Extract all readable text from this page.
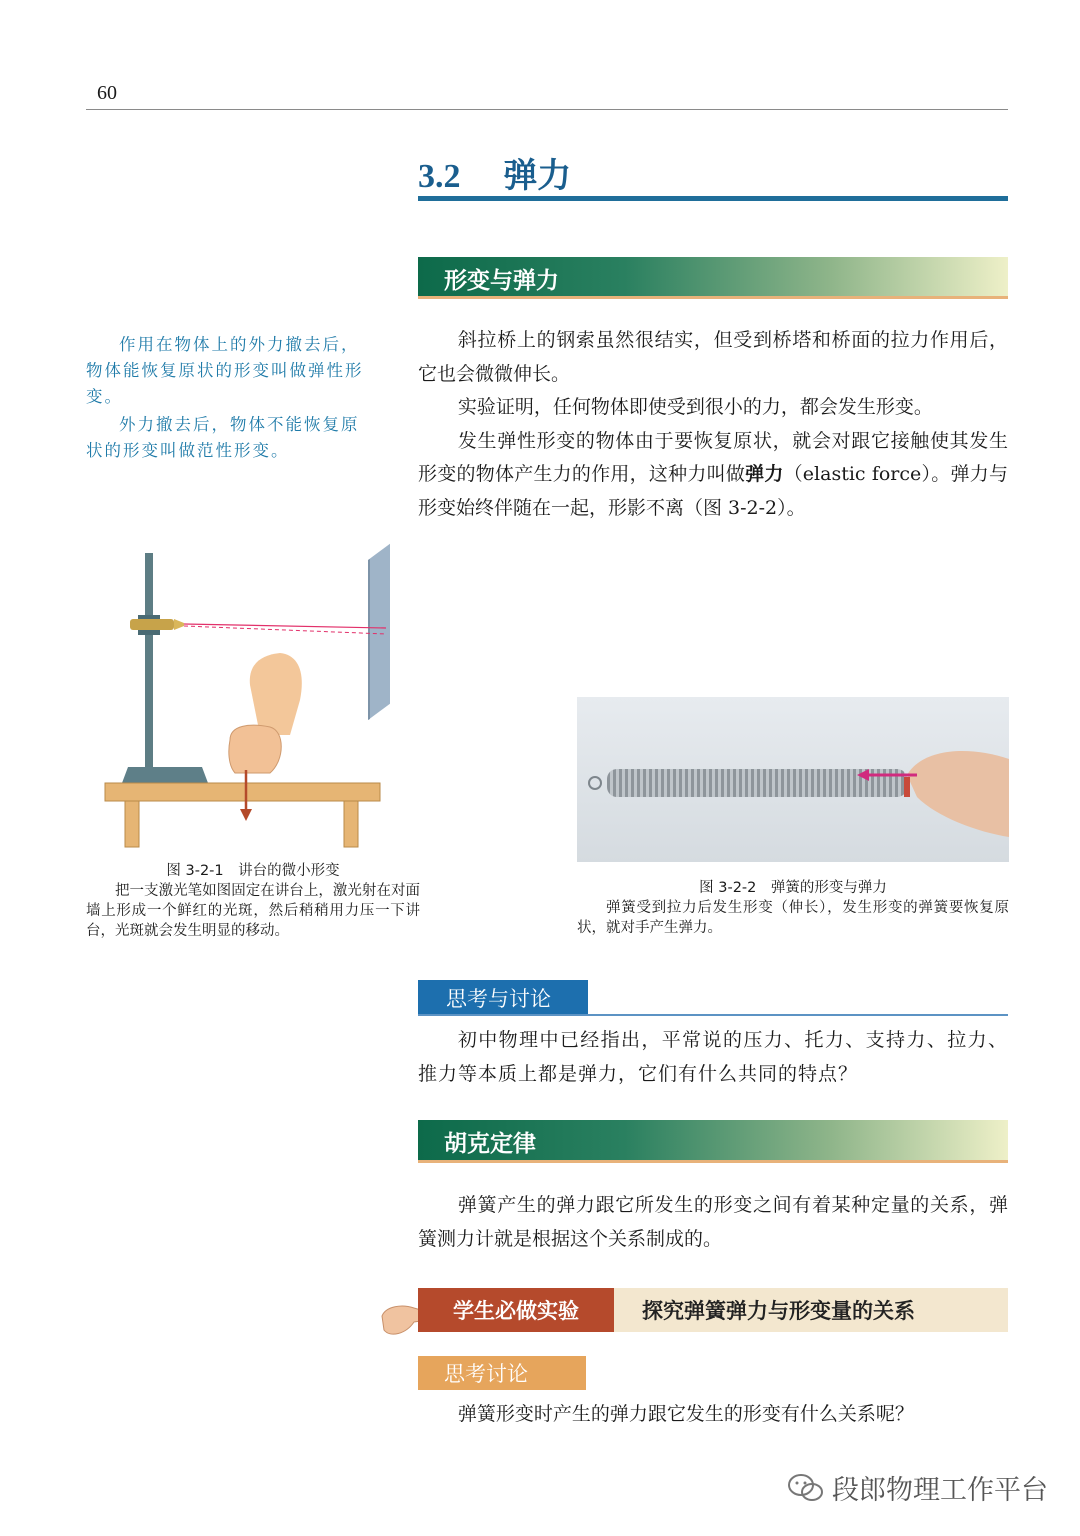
60
3.2 弹力
形变与弹力

作用在物体上的外力撤去后，物体能恢复原状的形变叫做弹性形变。

外力撤去后，物体不能恢复原状的形变叫做范性形变。

斜拉桥上的钢索虽然很结实，但受到桥塔和桥面的拉力作用后，它也会微微伸长。

实验证明，任何物体即使受到很小的力，都会发生形变。

发生弹性形变的物体由于要恢复原状，就会对跟它接触使其发生形变的物体产生力的作用，这种力叫做弹力（elastic force）。弹力与形变始终伴随在一起，形影不离（图 3-2-2）。

图 3-2-1　讲台的微小形变

把一支激光笔如图固定在讲台上，激光射在对面墙上形成一个鲜红的光斑，然后稍稍用力压一下讲台，光斑就会发生明显的移动。

图 3-2-2　弹簧的形变与弹力

弹簧受到拉力后发生形变（伸长），发生形变的弹簧要恢复原状，就对手产生弹力。

思考与讨论

初中物理中已经指出，平常说的压力、托力、支持力、拉力、推力等本质上都是弹力，它们有什么共同的特点？

胡克定律

弹簧产生的弹力跟它所发生的形变之间有着某种定量的关系，弹簧测力计就是根据这个关系制成的。

学生必做实验	探究弹簧弹力与形变量的关系
思考讨论

弹簧形变时产生的弹力跟它发生的形变有什么关系呢？

段郎物理工作平台
